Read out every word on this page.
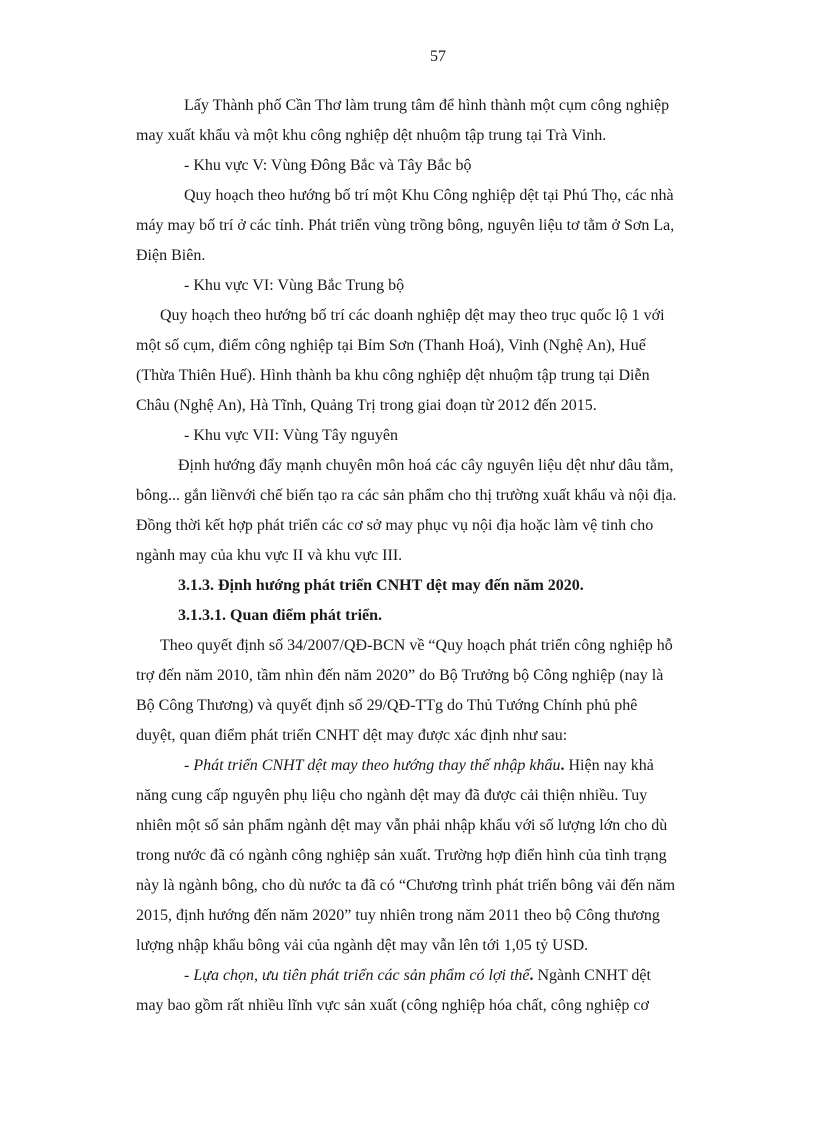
57
Lấy Thành phố Cần Thơ làm trung tâm để hình thành một cụm công nghiệp
may xuất khẩu và một khu công nghiệp dệt nhuộm tập trung tại Trà Vinh.
- Khu vực V: Vùng Đông Bắc và Tây Bắc bộ
Quy hoạch theo hướng bố trí một Khu Công nghiệp dệt tại Phú Thọ, các nhà
máy may bố trí ở các tỉnh. Phát triển vùng trồng bông, nguyên liệu tơ tằm ở Sơn La,
Điện Biên.
- Khu vực VI: Vùng Bắc Trung bộ
Quy hoạch theo hướng bố trí các doanh nghiệp dệt may theo trục quốc lộ 1 với
một số cụm, điểm công nghiệp tại Bỉm Sơn (Thanh Hoá), Vinh (Nghệ An), Huế
(Thừa Thiên Huế). Hình thành ba khu công nghiệp dệt nhuộm tập trung tại Diễn
Châu (Nghệ An), Hà Tĩnh, Quảng Trị trong giai đoạn từ 2012 đến 2015.
- Khu vực VII: Vùng Tây nguyên
Định hướng đẩy mạnh chuyên môn hoá các cây nguyên liệu dệt như dâu tằm,
bông... gắn liềnvới chế biến tạo ra các sản phẩm cho thị trường xuất khẩu và nội địa.
Đồng thời kết hợp phát triển các cơ sở may phục vụ nội địa hoặc làm vệ tinh cho
ngành may của khu vực II và khu vực III.
3.1.3. Định hướng phát triển CNHT dệt may đến năm 2020.
3.1.3.1. Quan điểm phát triển.
Theo quyết định số 34/2007/QĐ-BCN về “Quy hoạch phát triển công nghiệp hỗ
trợ đến năm 2010, tầm nhìn đến năm 2020” do Bộ Trưởng bộ Công nghiệp (nay là
Bộ Công Thương) và quyết định số 29/QĐ-TTg do Thủ Tướng Chính phủ phê
duyệt, quan điểm phát triển CNHT dệt may được xác định như sau:
- Phát triển CNHT dệt may theo hướng thay thế nhập khẩu. Hiện nay khả
năng cung cấp nguyên phụ liệu cho ngành dệt may đã được cải thiện nhiều. Tuy
nhiên một số sản phẩm ngành dệt may vẫn phải nhập khẩu với số lượng lớn cho dù
trong nước đã có ngành công nghiệp sản xuất. Trường hợp điển hình của tình trạng
này là ngành bông, cho dù nước ta đã có “Chương trình phát triển bông vải đến năm
2015, định hướng đến năm 2020” tuy nhiên trong năm 2011 theo bộ Công thương
lượng nhập khẩu bông vải của ngành dệt may vẫn lên tới 1,05 tỷ USD.
- Lựa chọn, ưu tiên phát triển các sản phẩm có lợi thế. Ngành CNHT dệt
may bao gồm rất nhiều lĩnh vực sản xuất (công nghiệp hóa chất, công nghiệp cơ
